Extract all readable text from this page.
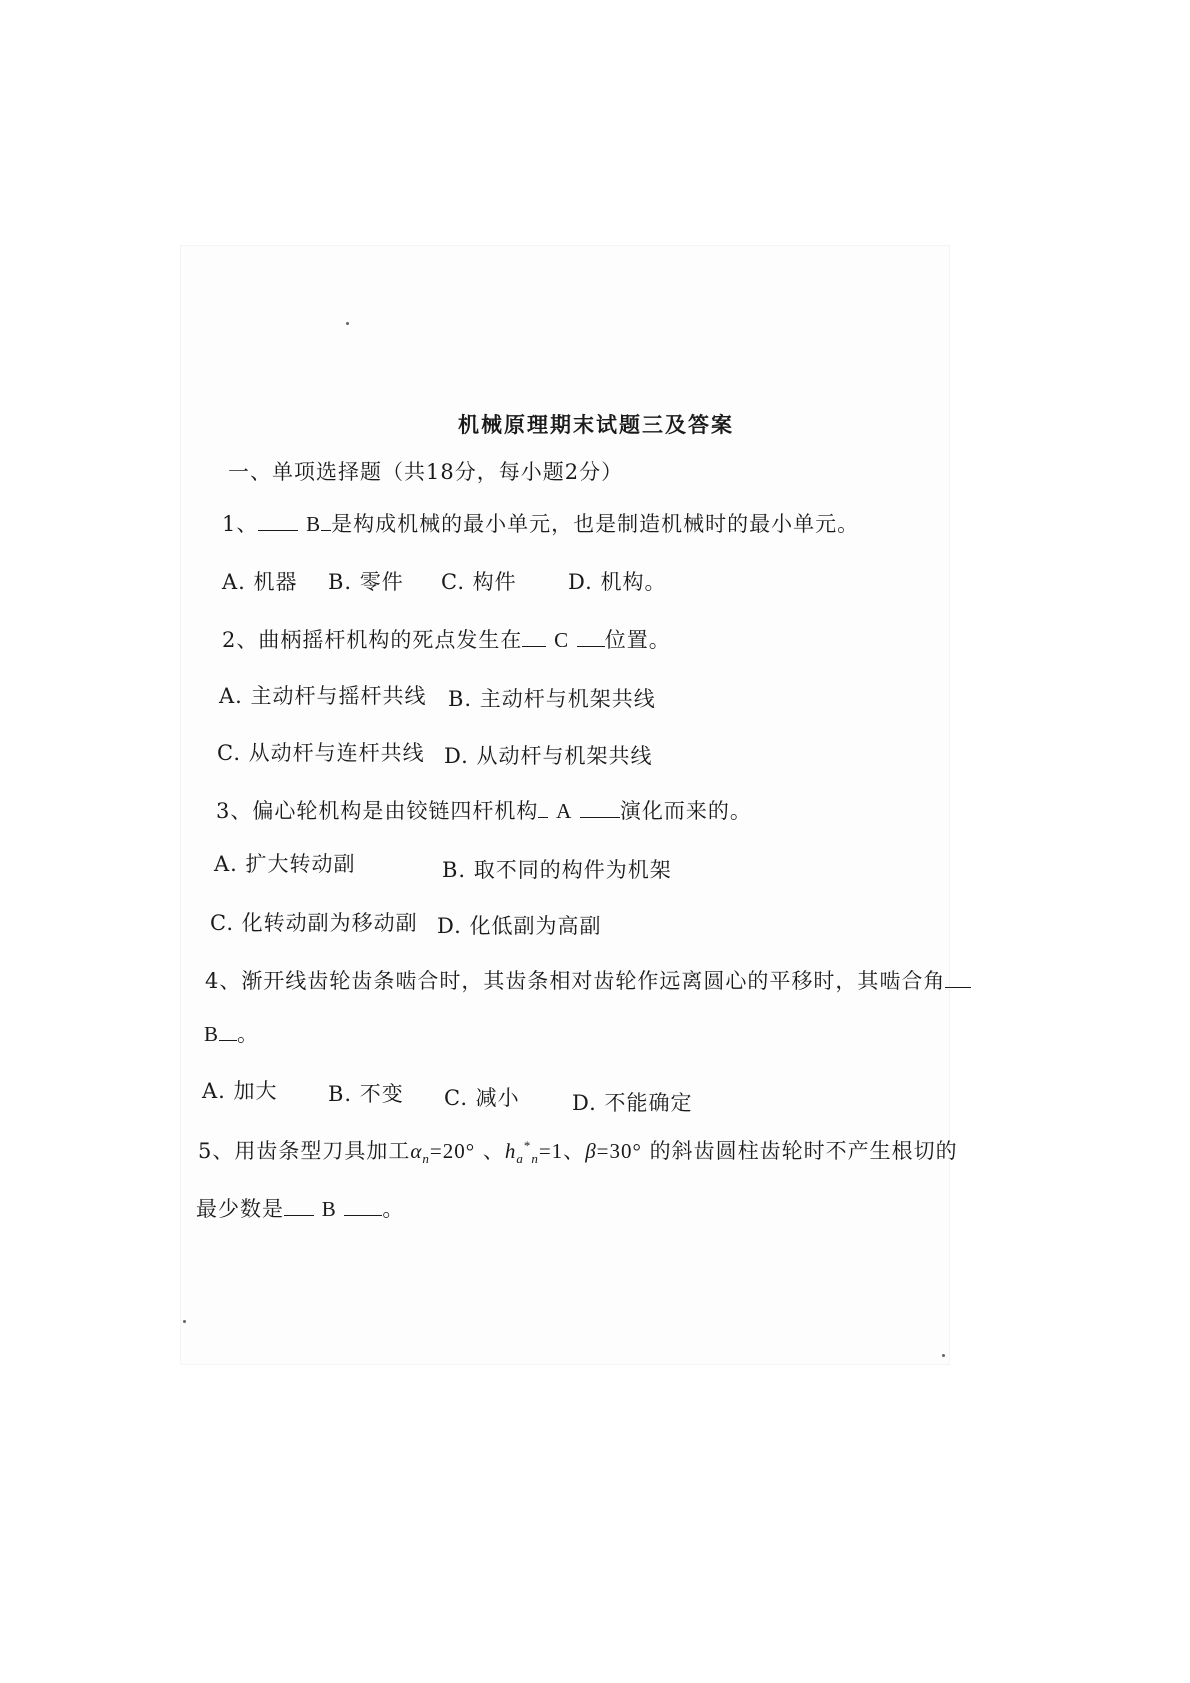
机械原理期末试题三及答案
一、单项选择题（共18分，每小题2分）
1、 B 是构成机械的最小单元，也是制造机械时的最小单元。
A. 机器 B. 零件 C. 构件 D. 机构。
2、曲柄摇杆机构的死点发生在 C 位置。
A. 主动杆与摇杆共线 B. 主动杆与机架共线
C. 从动杆与连杆共线 D. 从动杆与机架共线
3、偏心轮机构是由铰链四杆机构 A 演化而来的。
A. 扩大转动副	B. 取不同的构件为机架
C. 化转动副为移动副 D. 化低副为高副
4、渐开线齿轮齿条啮合时，其齿条相对齿轮作远离圆心的平移时，其啮合角
B 。
A. 加大 B. 不变 C. 减小 D. 不能确定
5、用齿条型刀具加工$\alpha_n=20^\circ$ 、$h_a^*_n=1$、β=30° 的斜齿圆柱齿轮时不产生根切的
最少数是 B 。
